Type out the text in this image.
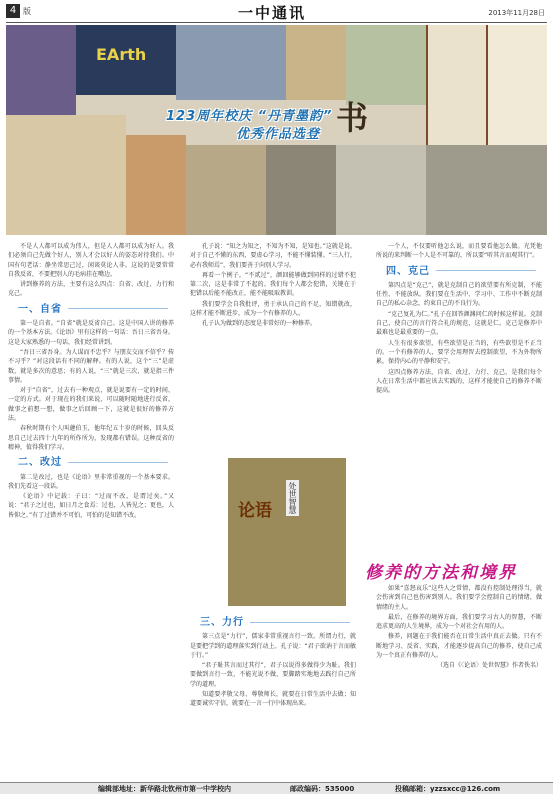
4 版	一中通讯	2013年11月28日
EArth
123周年校庆 “丹青墨韵”
优秀作品选登 书

不是人人都可以成为伟人，但是人人都可以成为好人。我们必须自己先做个好人，别人才会以好人的姿态对待我们。中国有句老话：静坐常思己过，闲谈莫论人非。这说的是要常常自我反省，不要把别人的毛病挂在嘴边。

讲到修养的方法，主要有这么四点：自省、改过、力行和克己。

一、自省

第一是自省。“自省”就是反省自己。这是中国人讲的修养的一个基本方法。《论语》里有这样的一句话：吾日三省吾身。这是大家熟悉的一句话，我们经常讲到。

“吾日三省吾身。为人谋而不忠乎？与朋友交而不信乎？传不习乎？”对这段话有不同的解释。有的人说，这个“三”是虚数，就是多次的意思；有的人说，“三”就是三次，就是指三件事情。

对于“自省”，过去有一种观点，就是说要有一定的时间、一定的方式。对于现在的我们来说，可以随时随地进行反省，做事之前想一想，做事之后回顾一下，这就是很好的修养方法。

春秋时期有个人叫蘧伯玉，他年纪五十岁的时候，回头反思自己过去四十九年的所作所为，发现都有错误。这种反省的精神，值得我们学习。

二、改过

第二是改过，也是《论语》里非常重视的一个基本要求。我们先看这一段话。

《论语》中记载：子曰：“过而不改，是谓过矣。”又说：“君子之过也，如日月之食焉：过也，人皆见之；更也，人皆仰之。”有了过错并不可怕，可怕的是知错不改。

孔子说：“知之为知之，不知为不知，是知也。”这就是说，对于自己不懂的东西，要虚心学习，不能不懂装懂。“三人行，必有我师焉”，我们要善于向别人学习。

再看一个例子。“不贰过”，颜回能够做到同样的过错不犯第二次，这是非常了不起的。我们每个人都会犯错，关键在于犯错以后能不能改正，能不能吸取教训。

我们要学会自我批评，勇于承认自己的不足，知错就改，这样才能不断进步，成为一个有修养的人。

孔子认为做到的态度是非常好的一种修养。

论语 处世智慧
三、力行

第三点是“力行”，儒家非常重视言行一致。所谓力行，就是要把学到的道理落实到行动上。孔子说：“君子欲讷于言而敏于行。”

“君子耻其言而过其行”，君子以说得多做得少为耻。我们要做到言行一致，不能光说不做，要脚踏实地地去践行自己所学的道理。

知道要孝敬父母、尊敬师长，就要在日常生活中去做；知道要诚实守信，就要在一言一行中体现出来。

一个人，不仅要听他怎么说，而且要看他怎么做。光凭他所说的来判断一个人是不可靠的，所以要“听其言而观其行”。

四、克己

第四点是“克己”，就是克制自己的欲望要有所克制，不能任性，不能放纵。我们要在生活中、学习中、工作中不断克制自己的私心杂念，约束自己的不良行为。

“克己复礼为仁。”孔子在回答颜渊问仁的时候这样说。克制自己，使自己的言行符合礼的规范，这就是仁。克己是修养中最难也是最重要的一点。

人生有很多欲望，有些欲望是正当的，有些欲望是不正当的。一个有修养的人，要学会用理智去控制欲望，不为外物所累，保持内心的平静和安宁。

这四点修养方法，自省、改过、力行、克己，是我们每个人在日常生活中都应该去实践的，这样才能使自己的修养不断提高。

修养的方法和境界

如果“喜怒哀乐”这些人之常情，都没有控制处理得当，就会伤害到自己也伤害到别人。我们要学会控制自己的情绪，做情绪的主人。

最后，在修养的境界方面，我们要学习古人的智慧，不断追求更高的人生境界，成为一个对社会有用的人。

修养，问题在于我们能否在日常生活中真正去做。只有不断地学习、反省、实践，才能逐步提高自己的修养，使自己成为一个真正有修养的人。

（选自《〈论语〉处世智慧》作者佚名）

编辑部地址：新华路北钦州市第一中学校内	邮政编码：535000	投稿邮箱：yzzsxcc@126.com
